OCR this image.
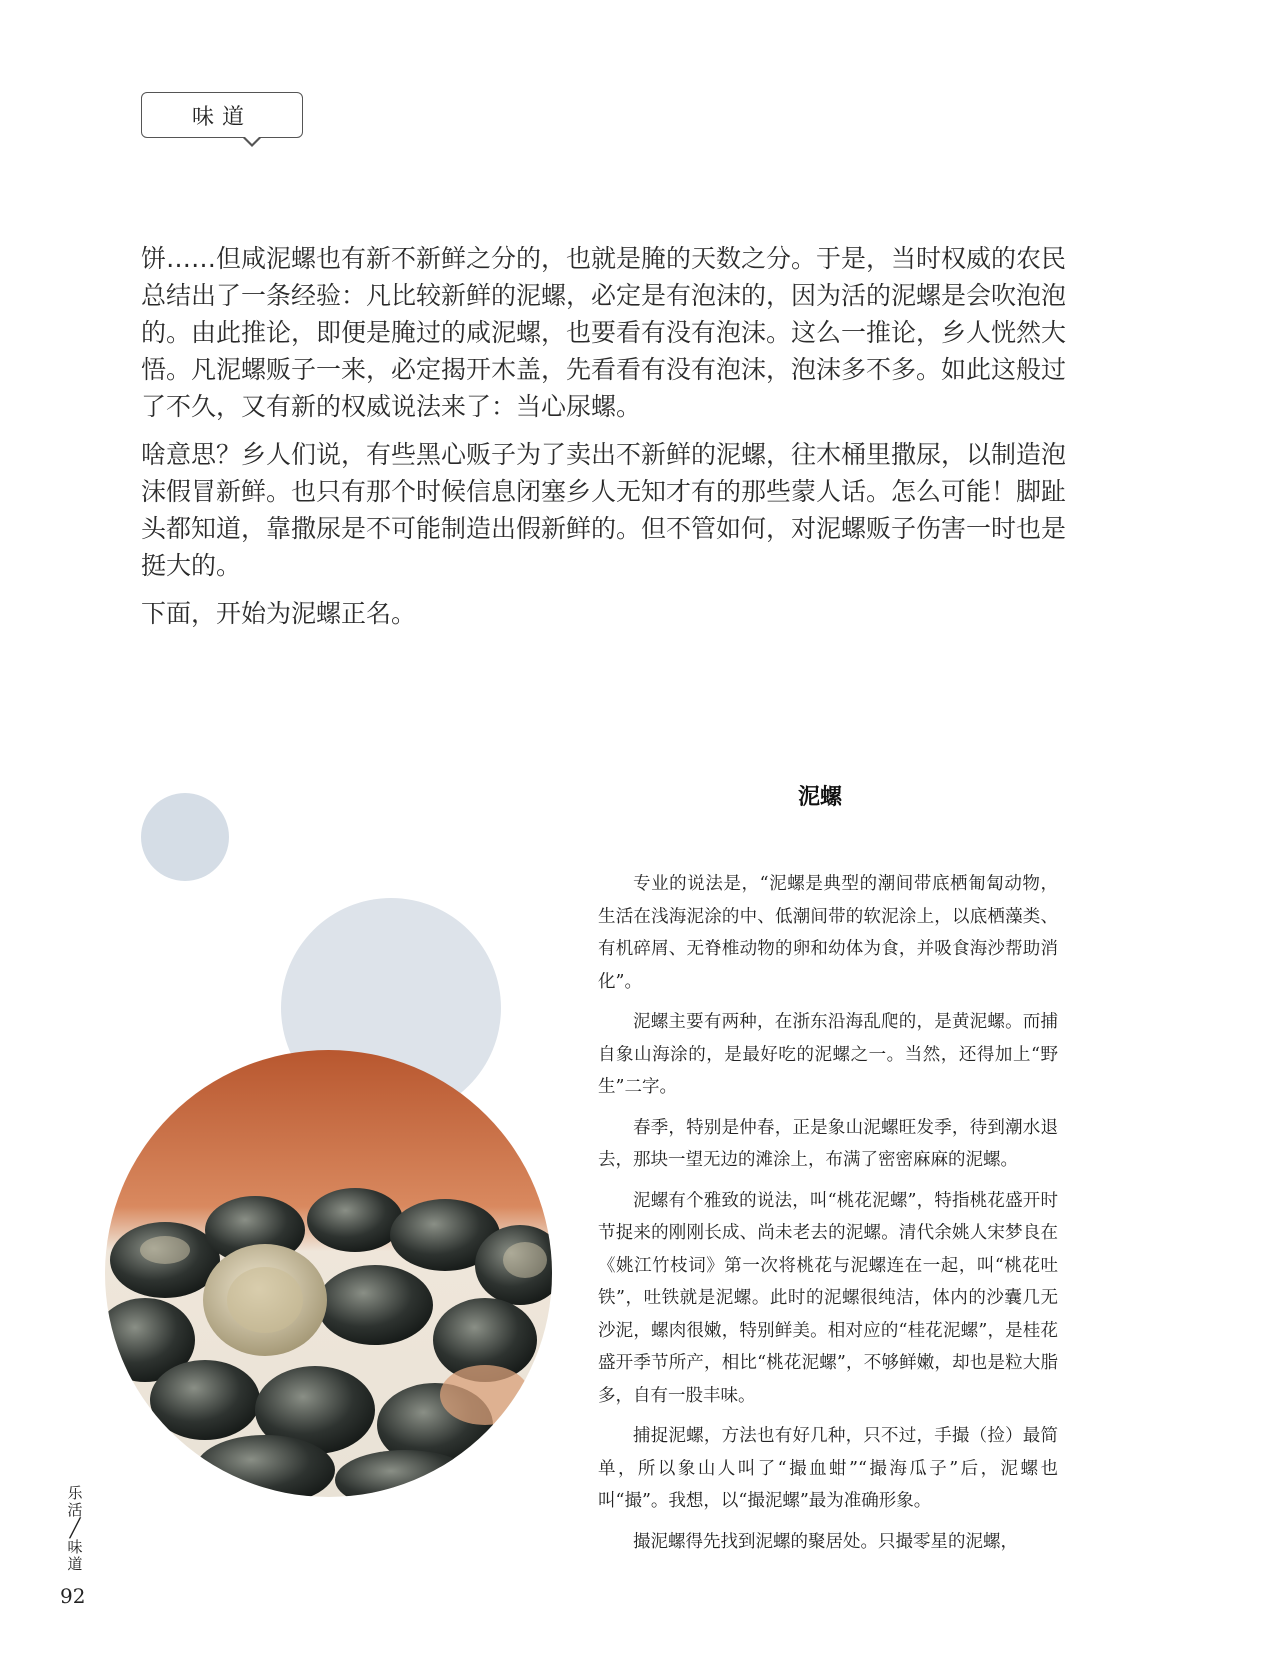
味道

饼……但咸泥螺也有新不新鲜之分的，也就是腌的天数之分。于是，当时权威的农民总结出了一条经验：凡比较新鲜的泥螺，必定是有泡沫的，因为活的泥螺是会吹泡泡的。由此推论，即便是腌过的咸泥螺，也要看有没有泡沫。这么一推论，乡人恍然大悟。凡泥螺贩子一来，必定揭开木盖，先看看有没有泡沫，泡沫多不多。如此这般过了不久，又有新的权威说法来了：当心尿螺。

啥意思？乡人们说，有些黑心贩子为了卖出不新鲜的泥螺，往木桶里撒尿，以制造泡沫假冒新鲜。也只有那个时候信息闭塞乡人无知才有的那些蒙人话。怎么可能！脚趾头都知道，靠撒尿是不可能制造出假新鲜的。但不管如何，对泥螺贩子伤害一时也是挺大的。

下面，开始为泥螺正名。

泥螺

专业的说法是，“泥螺是典型的潮间带底栖匍匐动物，生活在浅海泥涂的中、低潮间带的软泥涂上，以底栖藻类、有机碎屑、无脊椎动物的卵和幼体为食，并吸食海沙帮助消化”。

泥螺主要有两种，在浙东沿海乱爬的，是黄泥螺。而捕自象山海涂的，是最好吃的泥螺之一。当然，还得加上“野生”二字。

春季，特别是仲春，正是象山泥螺旺发季，待到潮水退去，那块一望无边的滩涂上，布满了密密麻麻的泥螺。

泥螺有个雅致的说法，叫“桃花泥螺”，特指桃花盛开时节捉来的刚刚长成、尚未老去的泥螺。清代余姚人宋梦良在《姚江竹枝词》第一次将桃花与泥螺连在一起，叫“桃花吐铁”，吐铁就是泥螺。此时的泥螺很纯洁，体内的沙囊几无沙泥，螺肉很嫩，特别鲜美。相对应的“桂花泥螺”，是桂花盛开季节所产，相比“桃花泥螺”，不够鲜嫩，却也是粒大脂多，自有一股丰味。

捕捉泥螺，方法也有好几种，只不过，手撮（捡）最简单，所以象山人叫了“撮血蚶”“撮海瓜子”后，泥螺也叫“撮”。我想，以“撮泥螺”最为准确形象。

撮泥螺得先找到泥螺的聚居处。只撮零星的泥螺，

乐活
╱
味道
92
